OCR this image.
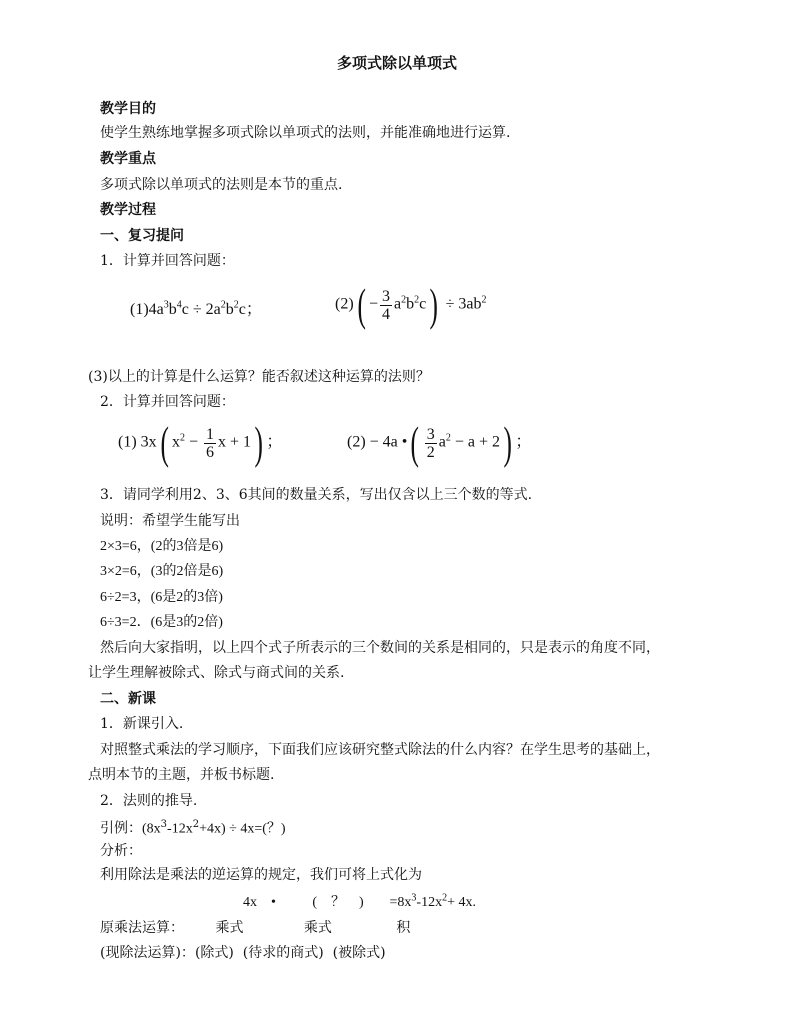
多项式除以单项式
教学目的
使学生熟练地掌握多项式除以单项式的法则，并能准确地进行运算.
教学重点
多项式除以单项式的法则是本节的重点.
教学过程
一、复习提问
1．计算并回答问题：
$(1)4a^3b^4c \div 2a^2b^2c$；	$(2)( - \frac{3}{4} a^2b^2c) \div 3ab^2$
(3)以上的计算是什么运算？能否叙述这种运算的法则？
2．计算并回答问题：
(1) 3x( $x^2 - \frac{1}{6}$ x + 1) ；	(2) − 4a •( $\frac{3}{2} a^2 - a + 2$) ；
3．请同学利用2、3、6其间的数量关系，写出仅含以上三个数的等式.
说明：希望学生能写出
2×3=6，(2的3倍是6)
3×2=6，(3的2倍是6)
6÷2=3，(6是2的3倍)
6÷3=2．(6是3的2倍)
然后向大家指明，以上四个式子所表示的三个数间的关系是相同的，只是表示的角度不同，
让学生理解被除式、除式与商式间的关系.
二、新课
1．新课引入.
对照整式乘法的学习顺序，下面我们应该研究整式除法的什么内容？在学生思考的基础上，
点明本节的主题，并板书标题.
2．法则的推导.
引例：$(8x^3-12x^2+4x) \div 4x=$(？)
分析：
利用除法是乘法的逆运算的规定，我们可将上式化为
4x •	(　？　) $=8x^3-12x^2+ 4x$.
原乘法运算： 乘式	乘式	积
(现除法运算)：(除式) (待求的商式) (被除式)
